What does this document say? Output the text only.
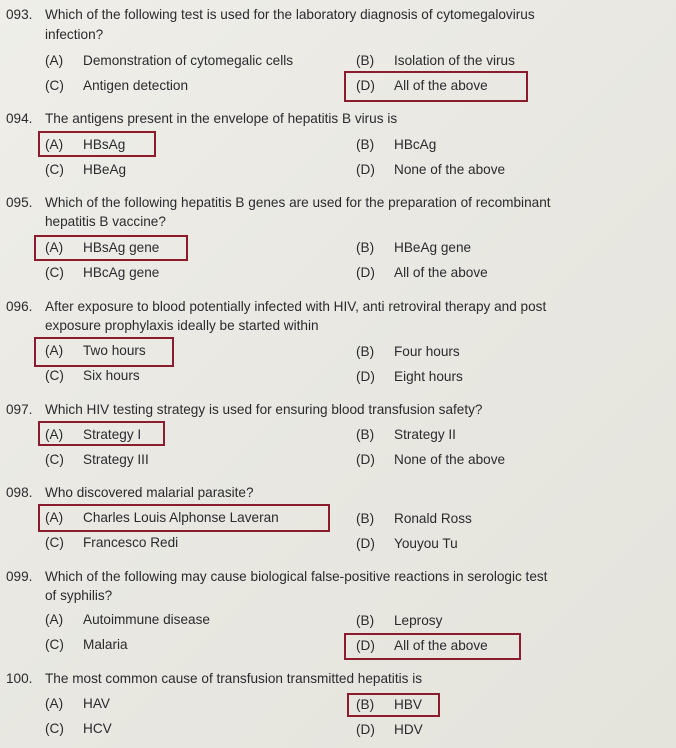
093. Which of the following test is used for the laboratory diagnosis of cytomegalovirus
infection?
(A) Demonstration of cytomegalic cells	(B) Isolation of the virus
(C) Antigen detection	(D) All of the above
094. The antigens present in the envelope of hepatitis B virus is
(A) HBsAg	(B) HBcAg
(C) HBeAg	(D) None of the above
095. Which of the following hepatitis B genes are used for the preparation of recombinant
hepatitis B vaccine?
(A) HBsAg gene	(B) HBeAg gene
(C) HBcAg gene	(D) All of the above
096. After exposure to blood potentially infected with HIV, anti retroviral therapy and post
exposure prophylaxis ideally be started within
(A) Two hours	(B) Four hours
(C) Six hours	(D) Eight hours
097. Which HIV testing strategy is used for ensuring blood transfusion safety?
(A) Strategy I	(B) Strategy II
(C) Strategy III	(D) None of the above
098. Who discovered malarial parasite?
(A) Charles Louis Alphonse Laveran	(B) Ronald Ross
(C) Francesco Redi	(D) Youyou Tu
099. Which of the following may cause biological false-positive reactions in serologic test
of syphilis?
(A) Autoimmune disease	(B) Leprosy
(C) Malaria	(D) All of the above
100. The most common cause of transfusion transmitted hepatitis is
(A) HAV	(B) HBV
(C) HCV	(D) HDV
